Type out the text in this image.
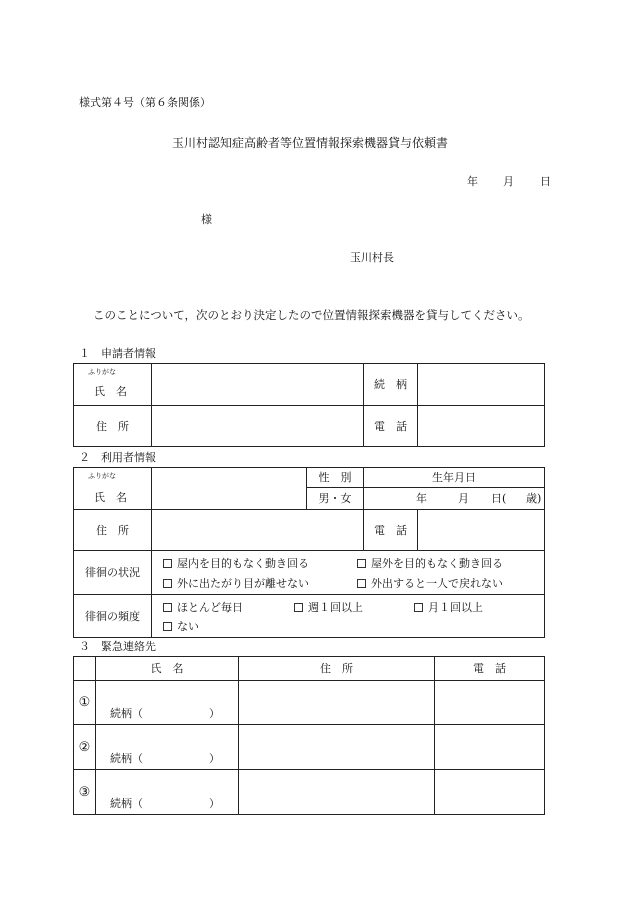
様式第４号（第６条関係）
玉川村認知症高齢者等位置情報探索機器貸与依頼書
年 月 日
様
玉川村長
このことについて，次のとおり決定したので位置情報探索機器を貸与してください。
１　申請者情報
ふりがな
氏　名		続　柄	
住　所		電　話	
２　利用者情報
ふりがな
氏　名		性　別	生年月日	
		男・女	年 月 日( 歳)	

住　所			電　話	
徘徊の状況	屋内を目的もなく動き回る 屋外を目的もなく動き回る
外に出たがり目が離せない 外出すると一人で戻れない			

徘徊の頻度	ほとんど毎日 週１回以上 月１回以上
ない			
３　緊急連絡先
	氏　名	住　所	電　話
①	続柄（　　　　　　）		

②	続柄（　　　　　　）		

③	続柄（　　　　　　）		
